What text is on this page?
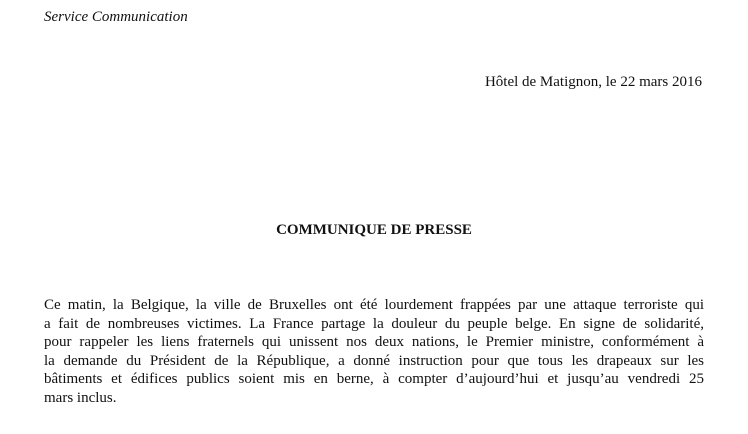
Service Communication
Hôtel de Matignon, le 22 mars 2016
COMMUNIQUE DE PRESSE
Ce matin, la Belgique, la ville de Bruxelles ont été lourdement frappées par une attaque terroriste qui
a fait de nombreuses victimes. La France partage la douleur du peuple belge. En signe de solidarité,
pour rappeler les liens fraternels qui unissent nos deux nations, le Premier ministre, conformément à
la demande du Président de la République, a donné instruction pour que tous les drapeaux sur les
bâtiments et édifices publics soient mis en berne, à compter d’aujourd’hui et jusqu’au vendredi 25
mars inclus.
